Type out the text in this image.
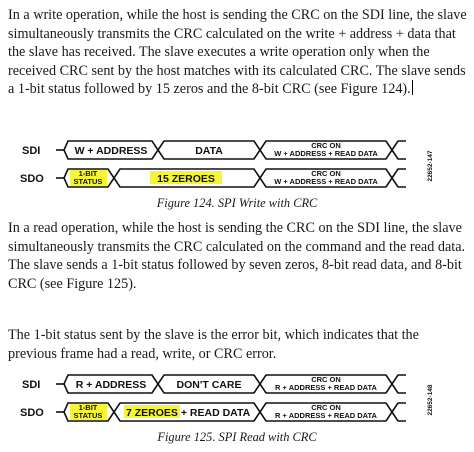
In a write operation, while the host is sending the CRC on the SDI line, the slave simultaneously transmits the CRC calculated on the write + address + data that the slave has received. The slave executes a write operation only when the received CRC sent by the host matches with its calculated CRC. The slave sends a 1-bit status followed by 15 zeros and the 8-bit CRC (see Figure 124).

SDI
SDO
W + ADDRESS	DATA	CRC ON
W + ADDRESS + READ DATA
1-BIT
STATUS	15 ZEROES	CRC ON
W + ADDRESS + READ DATA	22652-147
Figure 124. SPI Write with CRC

In a read operation, while the host is sending the CRC on the SDI line, the slave simultaneously transmits the CRC calculated on the command and the read data. The slave sends a 1-bit status followed by seven zeros, 8-bit read data, and 8-bit CRC (see Figure 125).

The 1-bit status sent by the slave is the error bit, which indicates that the previous frame had a read, write, or CRC error.

SDI
SDO
R + ADDRESS	DON'T CARE	CRC ON
R + ADDRESS + READ DATA
1-BIT
STATUS 7 ZEROES + READ DATA	CRC ON
R + ADDRESS + READ DATA	22652-148
Figure 125. SPI Read with CRC
